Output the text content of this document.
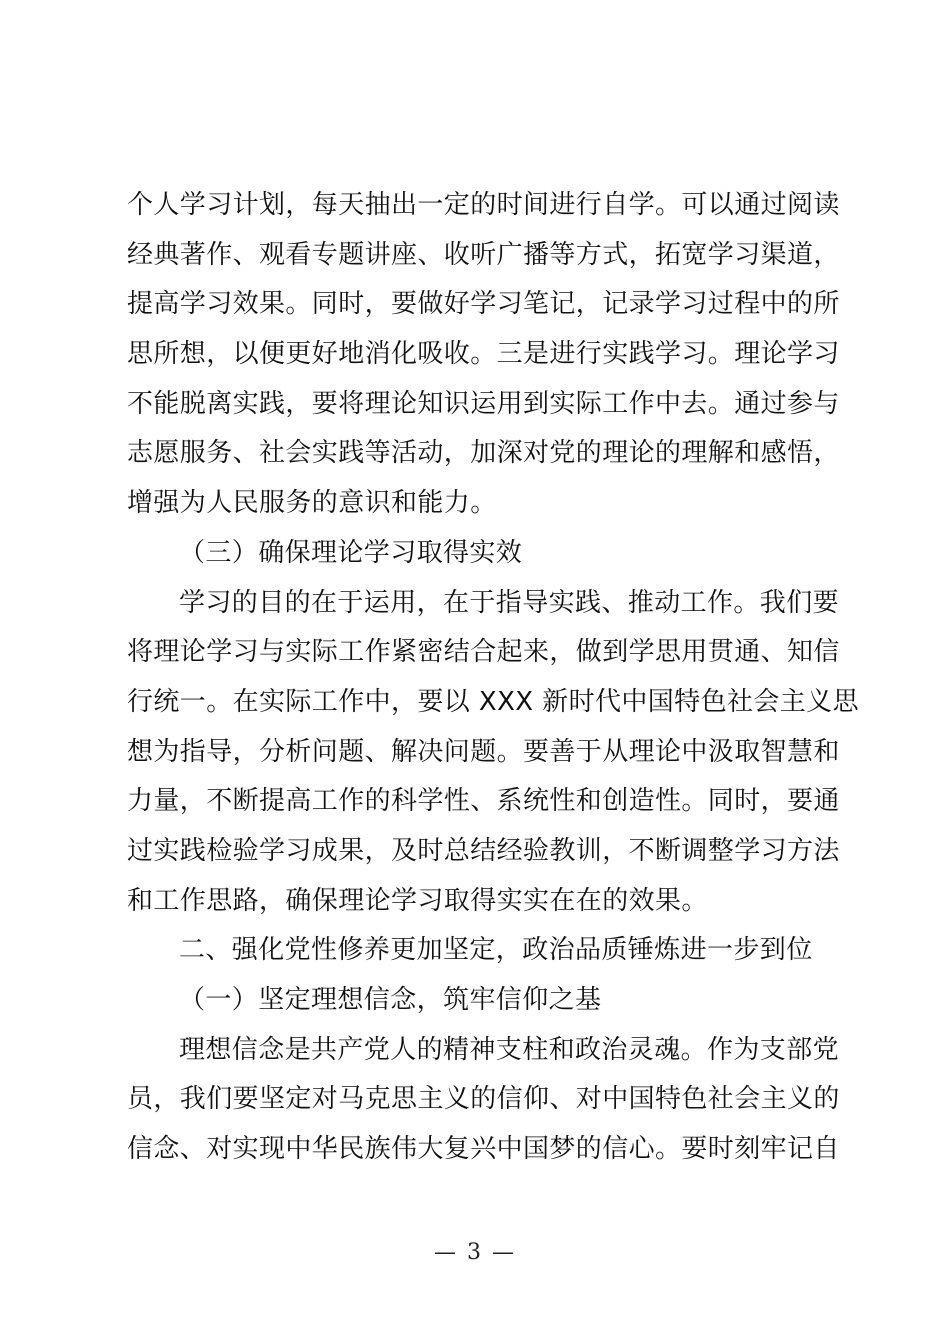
个人学习计划，每天抽出一定的时间进行自学。可以通过阅读
经典著作、观看专题讲座、收听广播等方式，拓宽学习渠道，
提高学习效果。同时，要做好学习笔记，记录学习过程中的所
思所想，以便更好地消化吸收。三是进行实践学习。理论学习
不能脱离实践，要将理论知识运用到实际工作中去。通过参与
志愿服务、社会实践等活动，加深对党的理论的理解和感悟，
增强为人民服务的意识和能力。
（三）确保理论学习取得实效
学习的目的在于运用，在于指导实践、推动工作。我们要
将理论学习与实际工作紧密结合起来，做到学思用贯通、知信
行统一。在实际工作中，要以 XXX 新时代中国特色社会主义思
想为指导，分析问题、解决问题。要善于从理论中汲取智慧和
力量，不断提高工作的科学性、系统性和创造性。同时，要通
过实践检验学习成果，及时总结经验教训，不断调整学习方法
和工作思路，确保理论学习取得实实在在的效果。
二、强化党性修养更加坚定，政治品质锤炼进一步到位
（一）坚定理想信念，筑牢信仰之基
理想信念是共产党人的精神支柱和政治灵魂。作为支部党
员，我们要坚定对马克思主义的信仰、对中国特色社会主义的
信念、对实现中华民族伟大复兴中国梦的信心。要时刻牢记自
— 3 —
